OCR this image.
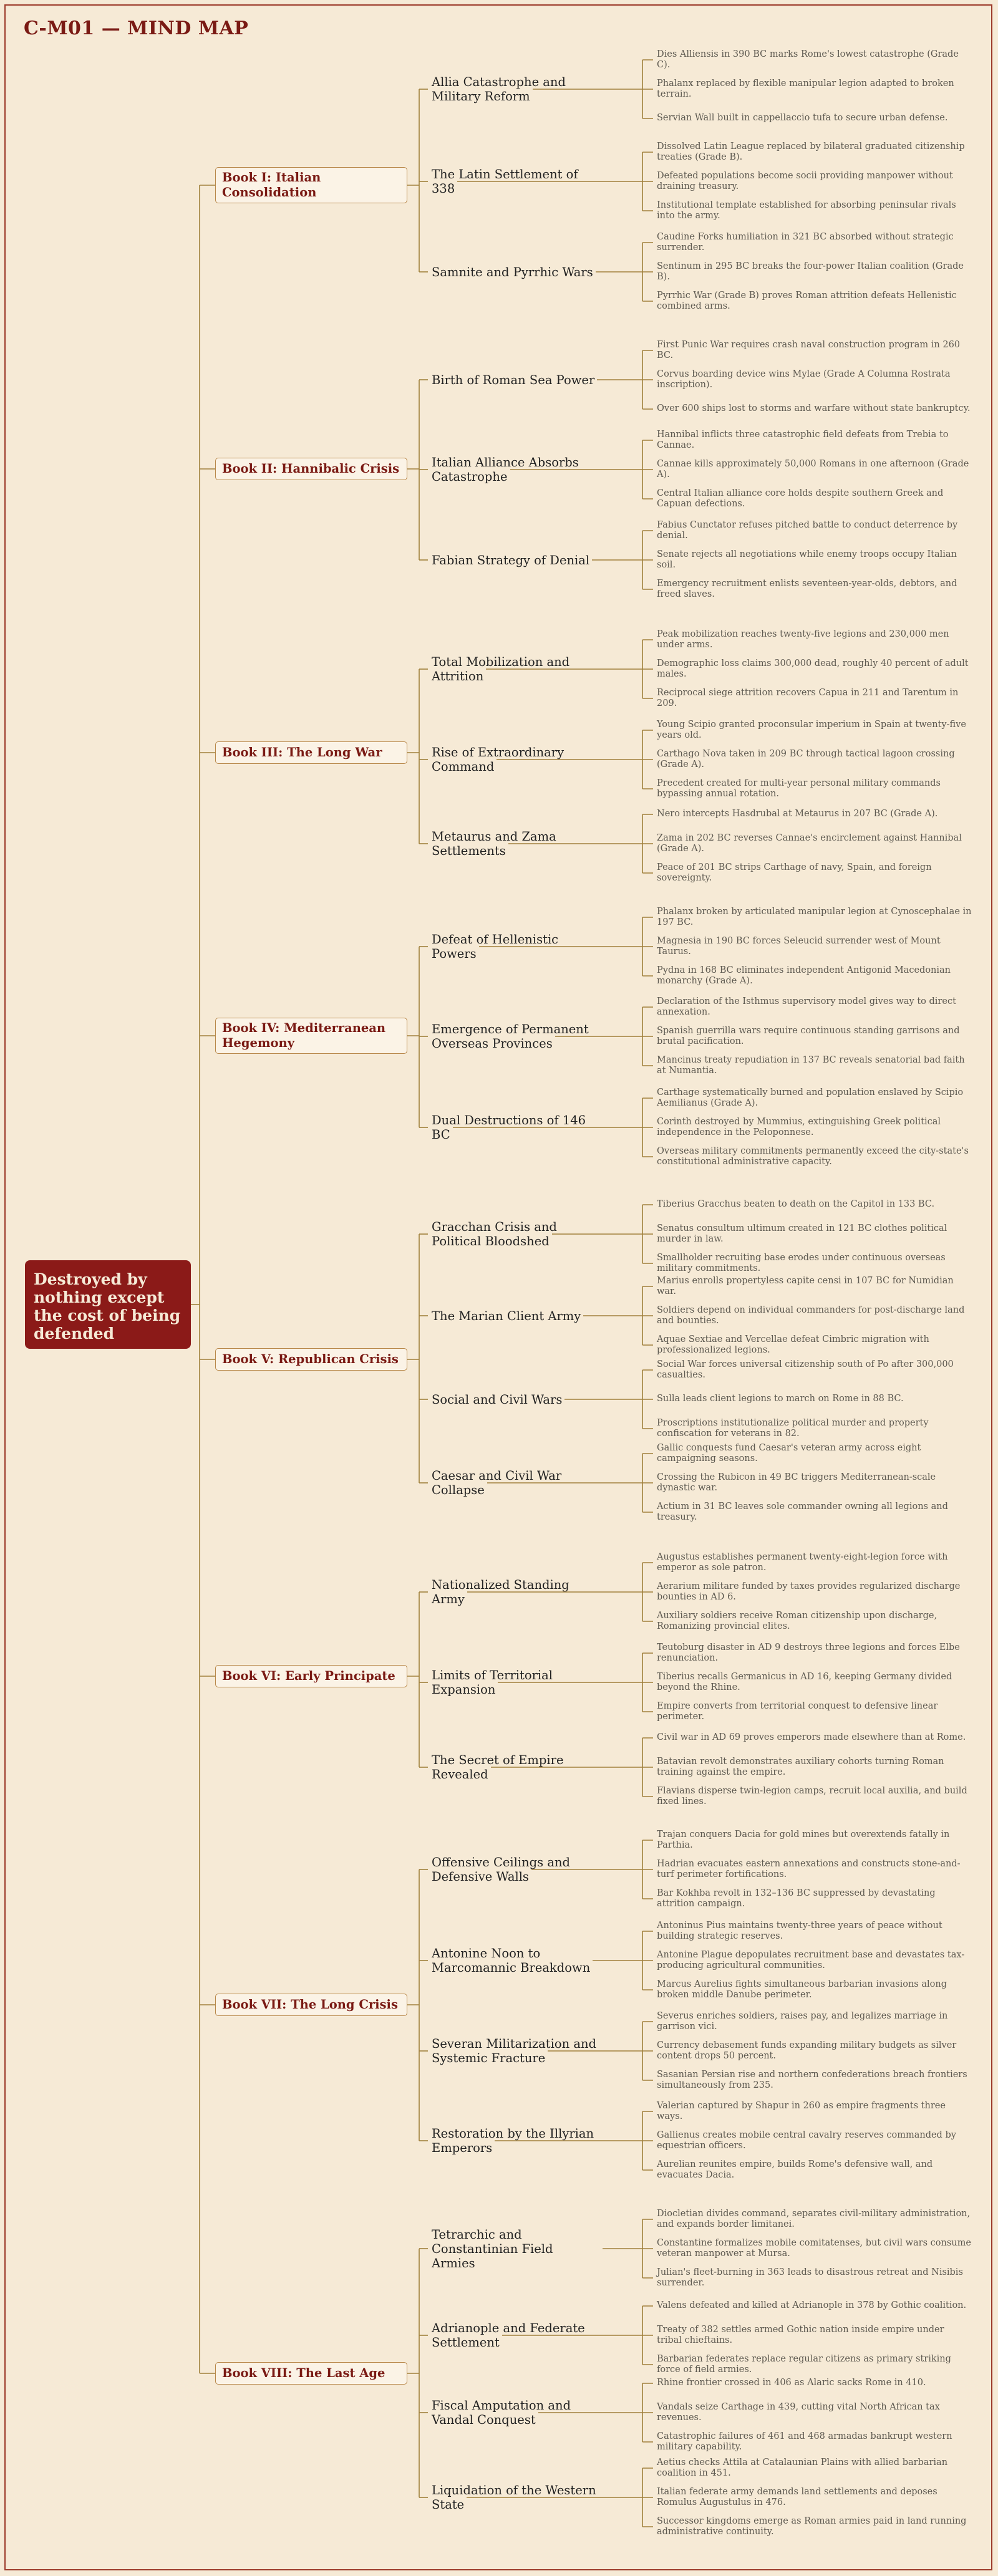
C-M01 — MIND MAP
Destroyed by nothing except the cost of being defended
Book I: Italian Consolidation
Allia Catastrophe and Military Reform
Dies Alliensis in 390 BC marks Rome's lowest catastrophe (Grade C).
Phalanx replaced by flexible manipular legion adapted to broken terrain.
Servian Wall built in cappellaccio tufa to secure urban defense.
The Latin Settlement of 338
Dissolved Latin League replaced by bilateral graduated citizenship treaties (Grade B).
Defeated populations become socii providing manpower without draining treasury.
Institutional template established for absorbing peninsular rivals into the army.
Samnite and Pyrrhic Wars
Caudine Forks humiliation in 321 BC absorbed without strategic surrender.
Sentinum in 295 BC breaks the four-power Italian coalition (Grade B).
Pyrrhic War (Grade B) proves Roman attrition defeats Hellenistic combined arms.
Book II: Hannibalic Crisis
Birth of Roman Sea Power
First Punic War requires crash naval construction program in 260 BC.
Corvus boarding device wins Mylae (Grade A Columna Rostrata inscription).
Over 600 ships lost to storms and warfare without state bankruptcy.
Italian Alliance Absorbs Catastrophe
Hannibal inflicts three catastrophic field defeats from Trebia to Cannae.
Cannae kills approximately 50,000 Romans in one afternoon (Grade A).
Central Italian alliance core holds despite southern Greek and Capuan defections.
Fabian Strategy of Denial
Fabius Cunctator refuses pitched battle to conduct deterrence by denial.
Senate rejects all negotiations while enemy troops occupy Italian soil.
Emergency recruitment enlists seventeen-year-olds, debtors, and freed slaves.
Book III: The Long War
Total Mobilization and Attrition
Peak mobilization reaches twenty-five legions and 230,000 men under arms.
Demographic loss claims 300,000 dead, roughly 40 percent of adult males.
Reciprocal siege attrition recovers Capua in 211 and Tarentum in 209.
Rise of Extraordinary Command
Young Scipio granted proconsular imperium in Spain at twenty-five years old.
Carthago Nova taken in 209 BC through tactical lagoon crossing (Grade A).
Precedent created for multi-year personal military commands bypassing annual rotation.
Metaurus and Zama Settlements
Nero intercepts Hasdrubal at Metaurus in 207 BC (Grade A).
Zama in 202 BC reverses Cannae's encirclement against Hannibal (Grade A).
Peace of 201 BC strips Carthage of navy, Spain, and foreign sovereignty.
Book IV: Mediterranean Hegemony
Defeat of Hellenistic Powers
Phalanx broken by articulated manipular legion at Cynoscephalae in 197 BC.
Magnesia in 190 BC forces Seleucid surrender west of Mount Taurus.
Pydna in 168 BC eliminates independent Antigonid Macedonian monarchy (Grade A).
Emergence of Permanent Overseas Provinces
Declaration of the Isthmus supervisory model gives way to direct annexation.
Spanish guerrilla wars require continuous standing garrisons and brutal pacification.
Mancinus treaty repudiation in 137 BC reveals senatorial bad faith at Numantia.
Dual Destructions of 146 BC
Carthage systematically burned and population enslaved by Scipio Aemilianus (Grade A).
Corinth destroyed by Mummius, extinguishing Greek political independence in the Peloponnese.
Overseas military commitments permanently exceed the city-state's constitutional administrative capacity.
Book V: Republican Crisis
Gracchan Crisis and Political Bloodshed
Tiberius Gracchus beaten to death on the Capitol in 133 BC.
Senatus consultum ultimum created in 121 BC clothes political murder in law.
Smallholder recruiting base erodes under continuous overseas military commitments.
The Marian Client Army
Marius enrolls propertyless capite censi in 107 BC for Numidian war.
Soldiers depend on individual commanders for post-discharge land and bounties.
Aquae Sextiae and Vercellae defeat Cimbric migration with professionalized legions.
Social and Civil Wars
Social War forces universal citizenship south of Po after 300,000 casualties.
Sulla leads client legions to march on Rome in 88 BC.
Proscriptions institutionalize political murder and property confiscation for veterans in 82.
Caesar and Civil War Collapse
Gallic conquests fund Caesar's veteran army across eight campaigning seasons.
Crossing the Rubicon in 49 BC triggers Mediterranean-scale dynastic war.
Actium in 31 BC leaves sole commander owning all legions and treasury.
Book VI: Early Principate
Nationalized Standing Army
Augustus establishes permanent twenty-eight-legion force with emperor as sole patron.
Aerarium militare funded by taxes provides regularized discharge bounties in AD 6.
Auxiliary soldiers receive Roman citizenship upon discharge, Romanizing provincial elites.
Limits of Territorial Expansion
Teutoburg disaster in AD 9 destroys three legions and forces Elbe renunciation.
Tiberius recalls Germanicus in AD 16, keeping Germany divided beyond the Rhine.
Empire converts from territorial conquest to defensive linear perimeter.
The Secret of Empire Revealed
Civil war in AD 69 proves emperors made elsewhere than at Rome.
Batavian revolt demonstrates auxiliary cohorts turning Roman training against the empire.
Flavians disperse twin-legion camps, recruit local auxilia, and build fixed lines.
Book VII: The Long Crisis
Offensive Ceilings and Defensive Walls
Trajan conquers Dacia for gold mines but overextends fatally in Parthia.
Hadrian evacuates eastern annexations and constructs stone-and-turf perimeter fortifications.
Bar Kokhba revolt in 132–136 BC suppressed by devastating attrition campaign.
Antonine Noon to Marcomannic Breakdown
Antoninus Pius maintains twenty-three years of peace without building strategic reserves.
Antonine Plague depopulates recruitment base and devastates tax-producing agricultural communities.
Marcus Aurelius fights simultaneous barbarian invasions along broken middle Danube perimeter.
Severan Militarization and Systemic Fracture
Severus enriches soldiers, raises pay, and legalizes marriage in garrison vici.
Currency debasement funds expanding military budgets as silver content drops 50 percent.
Sasanian Persian rise and northern confederations breach frontiers simultaneously from 235.
Restoration by the Illyrian Emperors
Valerian captured by Shapur in 260 as empire fragments three ways.
Gallienus creates mobile central cavalry reserves commanded by equestrian officers.
Aurelian reunites empire, builds Rome's defensive wall, and evacuates Dacia.
Book VIII: The Last Age
Tetrarchic and Constantinian Field Armies
Diocletian divides command, separates civil-military administration, and expands border limitanei.
Constantine formalizes mobile comitatenses, but civil wars consume veteran manpower at Mursa.
Julian's fleet-burning in 363 leads to disastrous retreat and Nisibis surrender.
Adrianople and Federate Settlement
Valens defeated and killed at Adrianople in 378 by Gothic coalition.
Treaty of 382 settles armed Gothic nation inside empire under tribal chieftains.
Barbarian federates replace regular citizens as primary striking force of field armies.
Fiscal Amputation and Vandal Conquest
Rhine frontier crossed in 406 as Alaric sacks Rome in 410.
Vandals seize Carthage in 439, cutting vital North African tax revenues.
Catastrophic failures of 461 and 468 armadas bankrupt western military capability.
Liquidation of the Western State
Aetius checks Attila at Catalaunian Plains with allied barbarian coalition in 451.
Italian federate army demands land settlements and deposes Romulus Augustulus in 476.
Successor kingdoms emerge as Roman armies paid in land running administrative continuity.
